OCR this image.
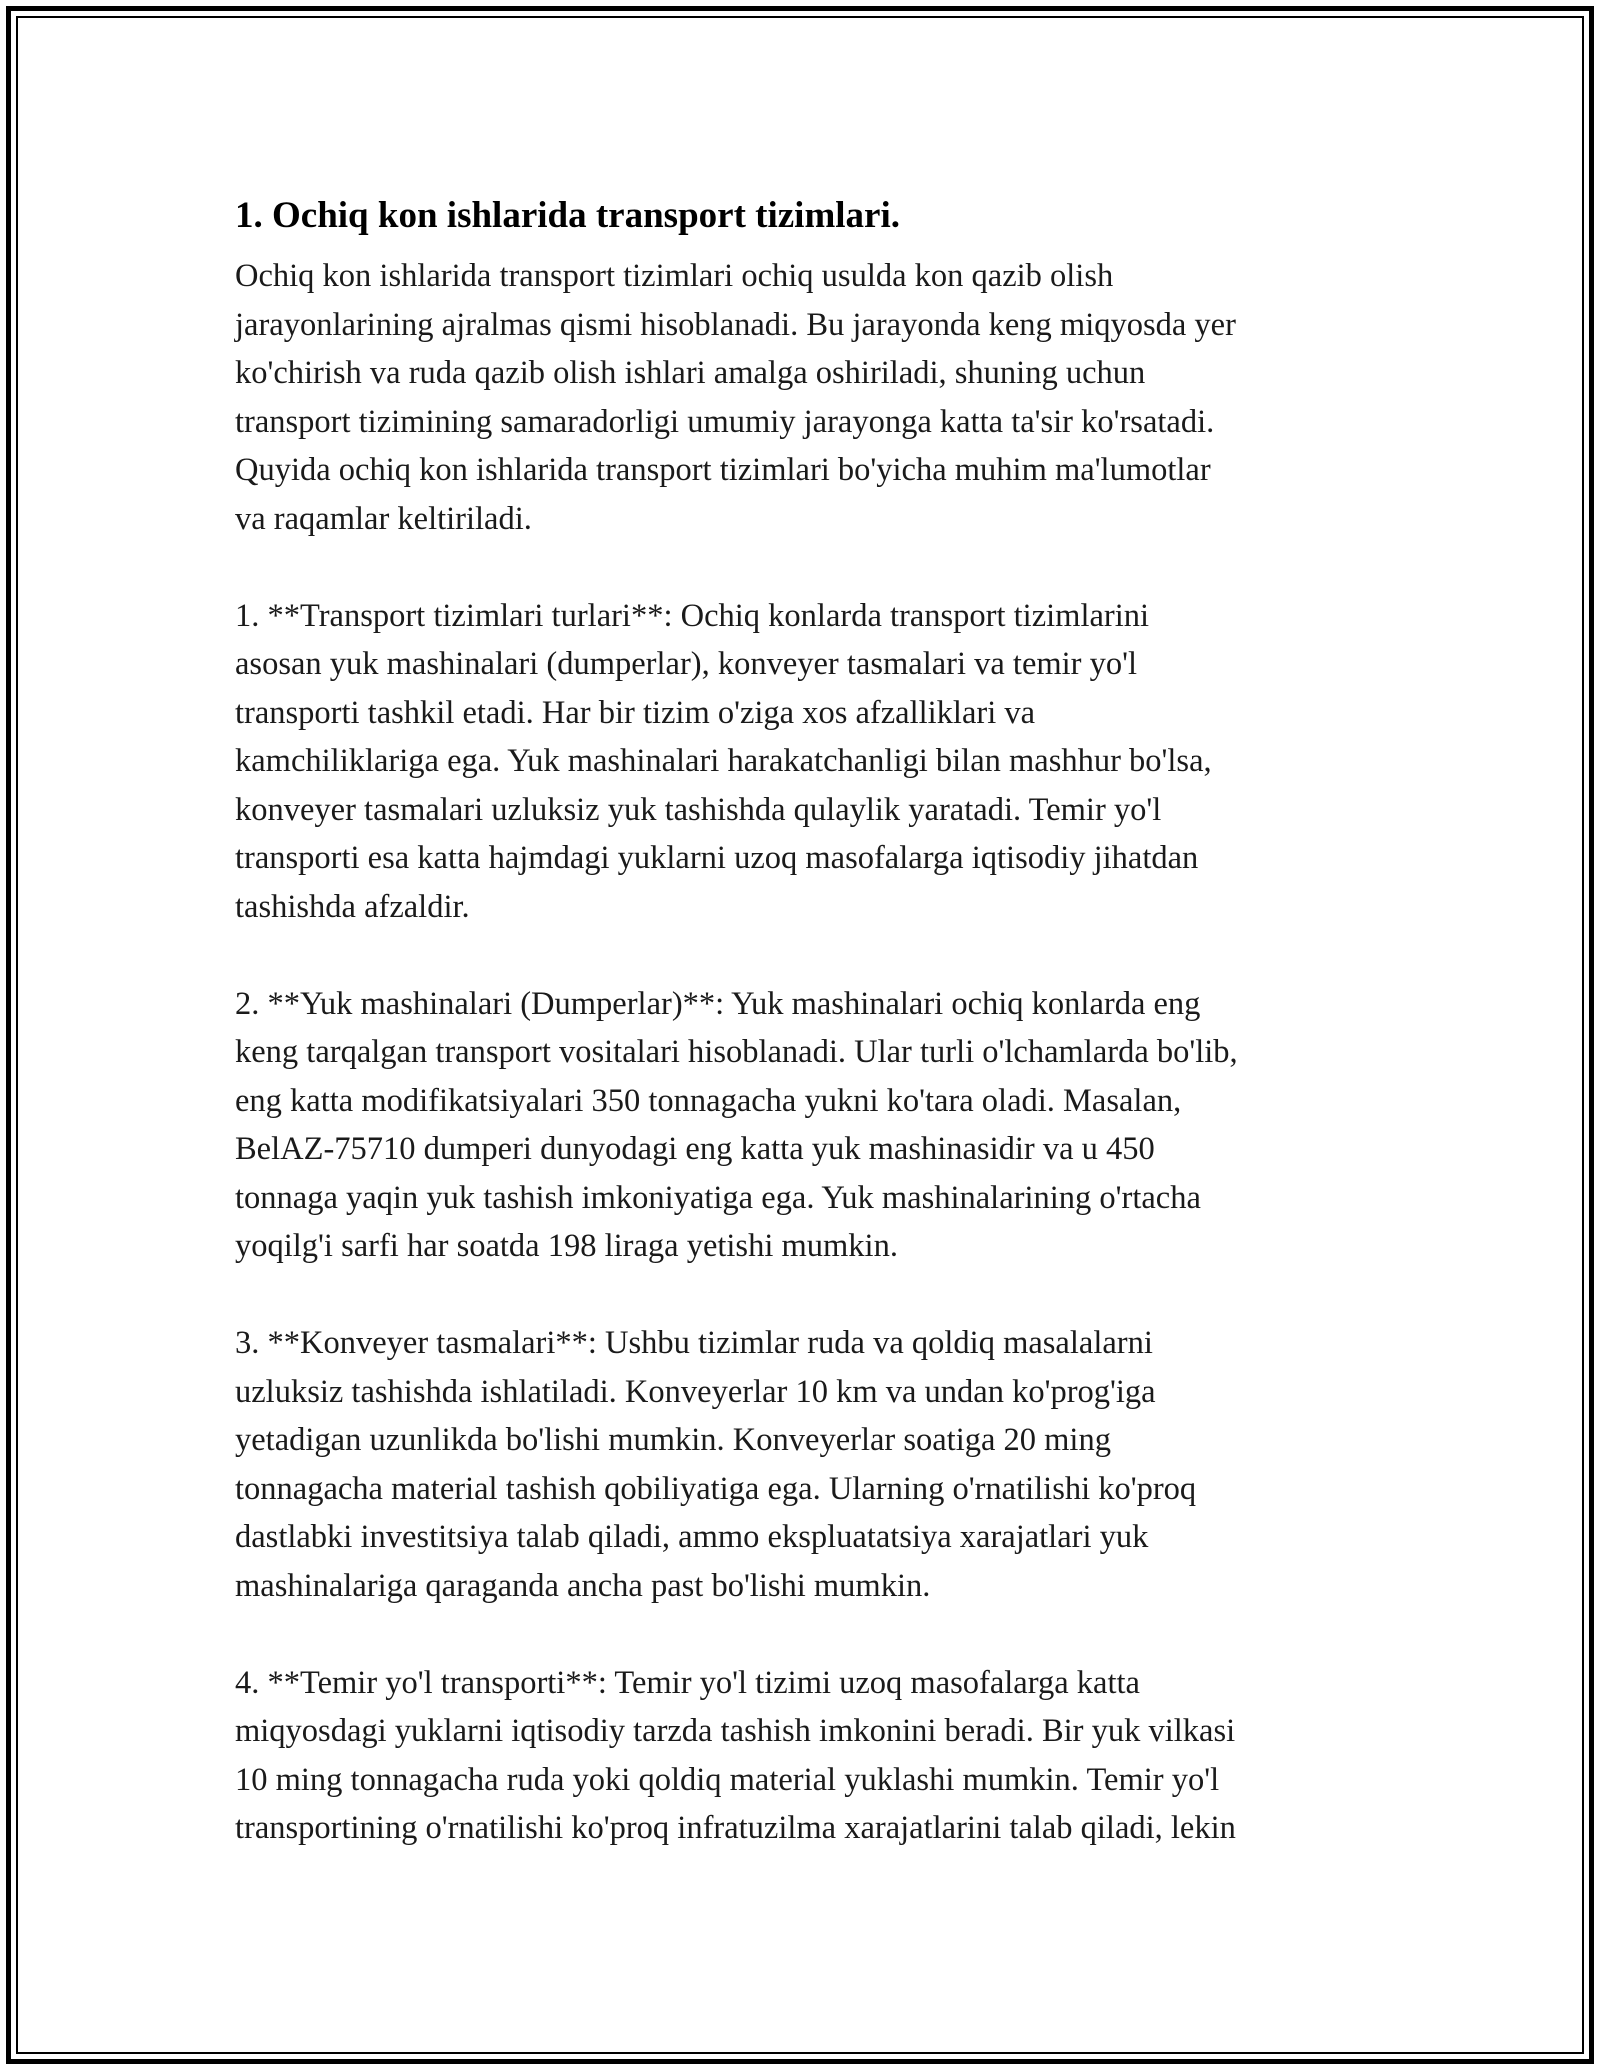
1. Ochiq kon ishlarida transport tizimlari.

Ochiq kon ishlarida transport tizimlari ochiq usulda kon qazib olish
jarayonlarining ajralmas qismi hisoblanadi. Bu jarayonda keng miqyosda yer
ko'chirish va ruda qazib olish ishlari amalga oshiriladi, shuning uchun
transport tizimining samaradorligi umumiy jarayonga katta ta'sir ko'rsatadi.
Quyida ochiq kon ishlarida transport tizimlari bo'yicha muhim ma'lumotlar
va raqamlar keltiriladi.

1. **Transport tizimlari turlari**: Ochiq konlarda transport tizimlarini
asosan yuk mashinalari (dumperlar), konveyer tasmalari va temir yo'l
transporti tashkil etadi. Har bir tizim o'ziga xos afzalliklari va
kamchiliklariga ega. Yuk mashinalari harakatchanligi bilan mashhur bo'lsa,
konveyer tasmalari uzluksiz yuk tashishda qulaylik yaratadi. Temir yo'l
transporti esa katta hajmdagi yuklarni uzoq masofalarga iqtisodiy jihatdan
tashishda afzaldir.

2. **Yuk mashinalari (Dumperlar)**: Yuk mashinalari ochiq konlarda eng
keng tarqalgan transport vositalari hisoblanadi. Ular turli o'lchamlarda bo'lib,
eng katta modifikatsiyalari 350 tonnagacha yukni ko'tara oladi. Masalan,
BelAZ-75710 dumperi dunyodagi eng katta yuk mashinasidir va u 450
tonnaga yaqin yuk tashish imkoniyatiga ega. Yuk mashinalarining o'rtacha
yoqilg'i sarfi har soatda 198 liraga yetishi mumkin.

3. **Konveyer tasmalari**: Ushbu tizimlar ruda va qoldiq masalalarni
uzluksiz tashishda ishlatiladi. Konveyerlar 10 km va undan ko'prog'iga
yetadigan uzunlikda bo'lishi mumkin. Konveyerlar soatiga 20 ming
tonnagacha material tashish qobiliyatiga ega. Ularning o'rnatilishi ko'proq
dastlabki investitsiya talab qiladi, ammo ekspluatatsiya xarajatlari yuk
mashinalariga qaraganda ancha past bo'lishi mumkin.

4. **Temir yo'l transporti**: Temir yo'l tizimi uzoq masofalarga katta
miqyosdagi yuklarni iqtisodiy tarzda tashish imkonini beradi. Bir yuk vilkasi
10 ming tonnagacha ruda yoki qoldiq material yuklashi mumkin. Temir yo'l
transportining o'rnatilishi ko'proq infratuzilma xarajatlarini talab qiladi, lekin
